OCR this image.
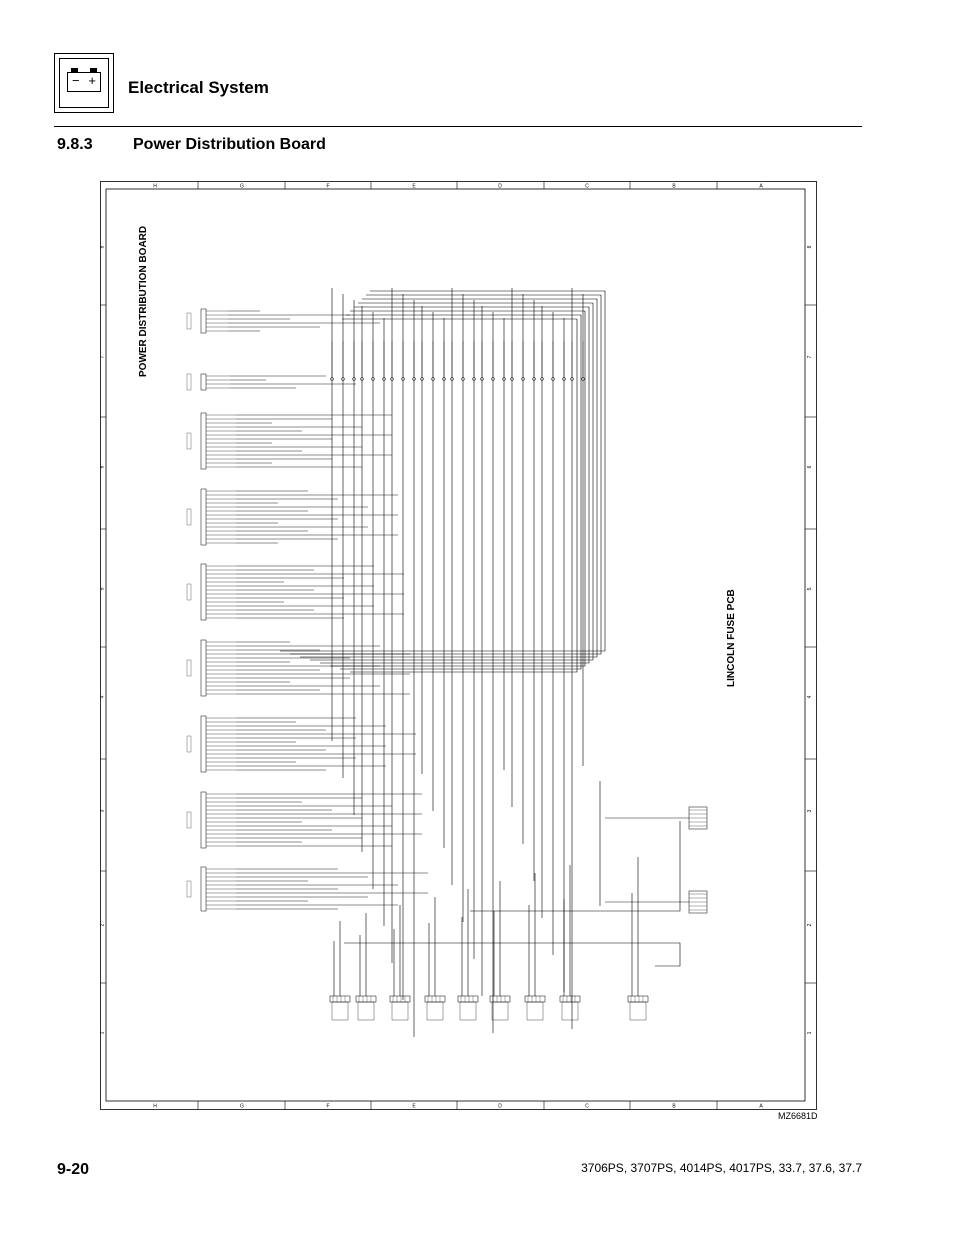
− + Electrical System
9.8.3	Power Distribution Board
H	G	F	E	D	C	B	A
H	G	F	E	D	C	B	A
8
7
6
5
4
3
2
1
8
7
6
5
4
3
2
1
POWER DISTRIBUTION BOARD
LINCOLN FUSE PCB
MZ6681D
9-20	3706PS, 3707PS, 4014PS, 4017PS, 33.7, 37.6, 37.7
